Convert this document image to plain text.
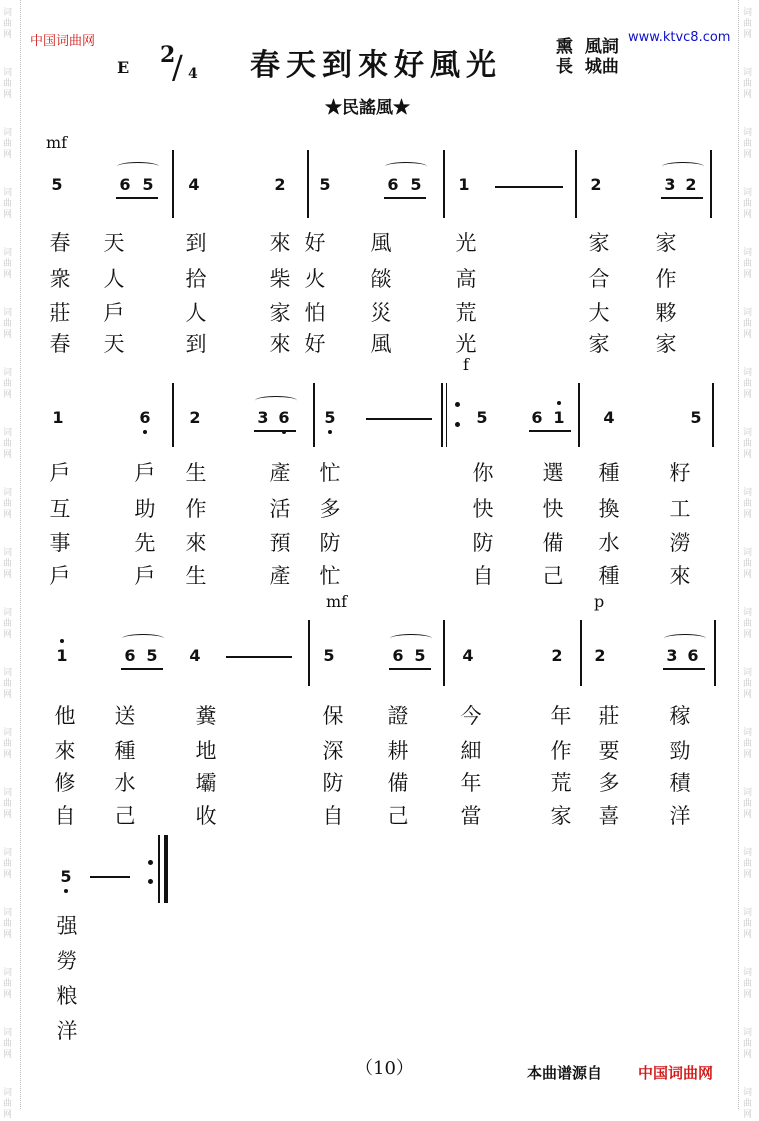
词
曲
网
词
曲
网
词
曲
网
词
曲
网
词
曲
网
词
曲
网
词
曲
网
词
曲
网
词
曲
网
词
曲
网
词
曲
网
词
曲
网
词
曲
网
词
曲
网
词
曲
网
词
曲
网
词
曲
网
词
曲
网
词
曲
网
词
曲
网
词
曲
网
词
曲
网
词
曲
网
词
曲
网
词
曲
网
词
曲
网
词
曲
网
词
曲
网
词
曲
网
词
曲
网
词
曲
网
词
曲
网
词
曲
网
词
曲
网
词
曲
网
词
曲
网
词
曲
网
词
曲
网
中国词曲网	www.ktvc8.com
E 2
/ 4 春天到來好風光
熏  風詞
長  城曲
★民謠風★
mf
f
mf	p
5	6 5	4	2	5	6 5	1	2	3 2
春 天	到	來 好 風	光	家 家
衆 人	拾	柴 火 燄	高	合 作
莊 戶	人	家 怕 災	荒	大 夥
春 天	到	來 好 風	光	家 家
1	6	2	3 6	5	5	6 1	4	5
戶	戶 生	產 忙	你 選 種 籽
互	助 作	活 多	快 快 換 工
事	先 來	預 防	防 備 水 澇
戶	戶 生	產 忙	自 己 種 來
1	6 5	4	5	6 5	4	2	2	3 6
他 送	糞	保 證 今	年 莊 稼
來 種	地	深 耕 細	作 要 勁
修 水	壩	防 備 年	荒 多 積
自 己	收	自 己 當	家 喜 洋
5
强
勞
粮
洋
（10）	本曲谱源自 中国词曲网
